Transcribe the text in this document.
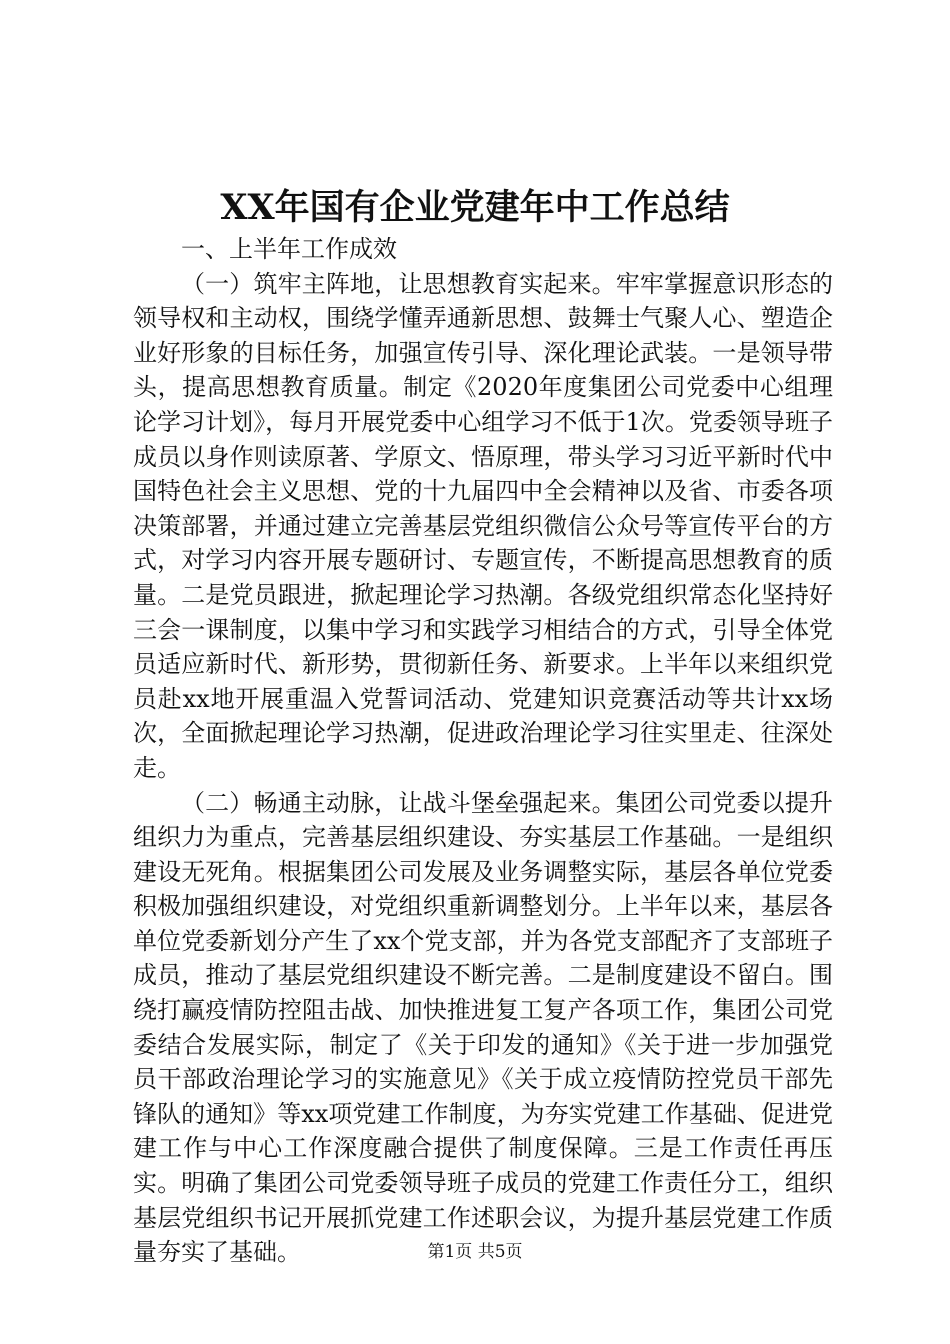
XX年国有企业党建年中工作总结

一、上半年工作成效

（一）筑牢主阵地，让思想教育实起来。牢牢掌握意识形态的领导权和主动权，围绕学懂弄通新思想、鼓舞士气聚人心、塑造企业好形象的目标任务，加强宣传引导、深化理论武装。一是领导带头，提高思想教育质量。制定《2020年度集团公司党委中心组理论学习计划》，每月开展党委中心组学习不低于1次。党委领导班子成员以身作则读原著、学原文、悟原理，带头学习习近平新时代中国特色社会主义思想、党的十九届四中全会精神以及省、市委各项决策部署，并通过建立完善基层党组织微信公众号等宣传平台的方式，对学习内容开展专题研讨、专题宣传，不断提高思想教育的质量。二是党员跟进，掀起理论学习热潮。各级党组织常态化坚持好三会一课制度，以集中学习和实践学习相结合的方式，引导全体党员适应新时代、新形势，贯彻新任务、新要求。上半年以来组织党员赴xx地开展重温入党誓词活动、党建知识竞赛活动等共计xx场次，全面掀起理论学习热潮，促进政治理论学习往实里走、往深处走。

（二）畅通主动脉，让战斗堡垒强起来。集团公司党委以提升组织力为重点，完善基层组织建设、夯实基层工作基础。一是组织建设无死角。根据集团公司发展及业务调整实际，基层各单位党委积极加强组织建设，对党组织重新调整划分。上半年以来，基层各单位党委新划分产生了xx个党支部，并为各党支部配齐了支部班子成员，推动了基层党组织建设不断完善。二是制度建设不留白。围绕打赢疫情防控阻击战、加快推进复工复产各项工作，集团公司党委结合发展实际，制定了《关于印发的通知》《关于进一步加强党员干部政治理论学习的实施意见》《关于成立疫情防控党员干部先锋队的通知》等xx项党建工作制度，为夯实党建工作基础、促进党建工作与中心工作深度融合提供了制度保障。三是工作责任再压实。明确了集团公司党委领导班子成员的党建工作责任分工，组织基层党组织书记开展抓党建工作述职会议，为提升基层党建工作质量夯实了基础。	第1页 共5页
